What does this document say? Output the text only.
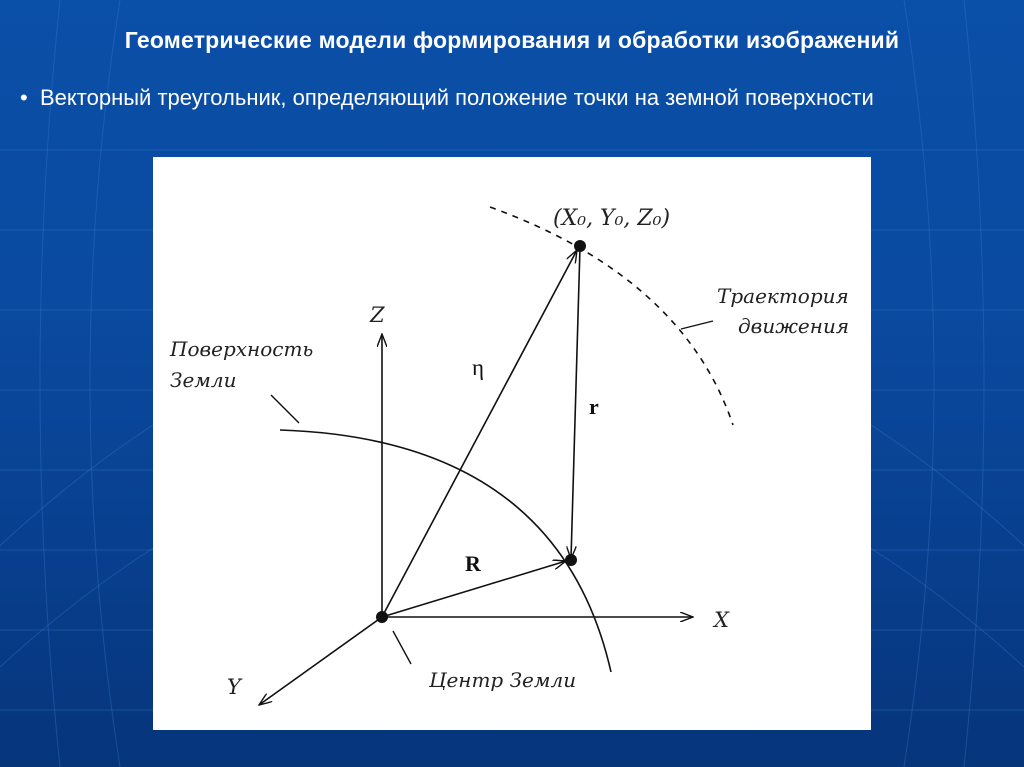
Геометрические модели формирования и обработки изображений
• Векторный треугольник, определяющий положение точки на земной поверхности
Z
X
Y
(X₀, Y₀, Z₀)
η
r
R
Поверхность
Земли
Траектория
движения
Центр Земли
